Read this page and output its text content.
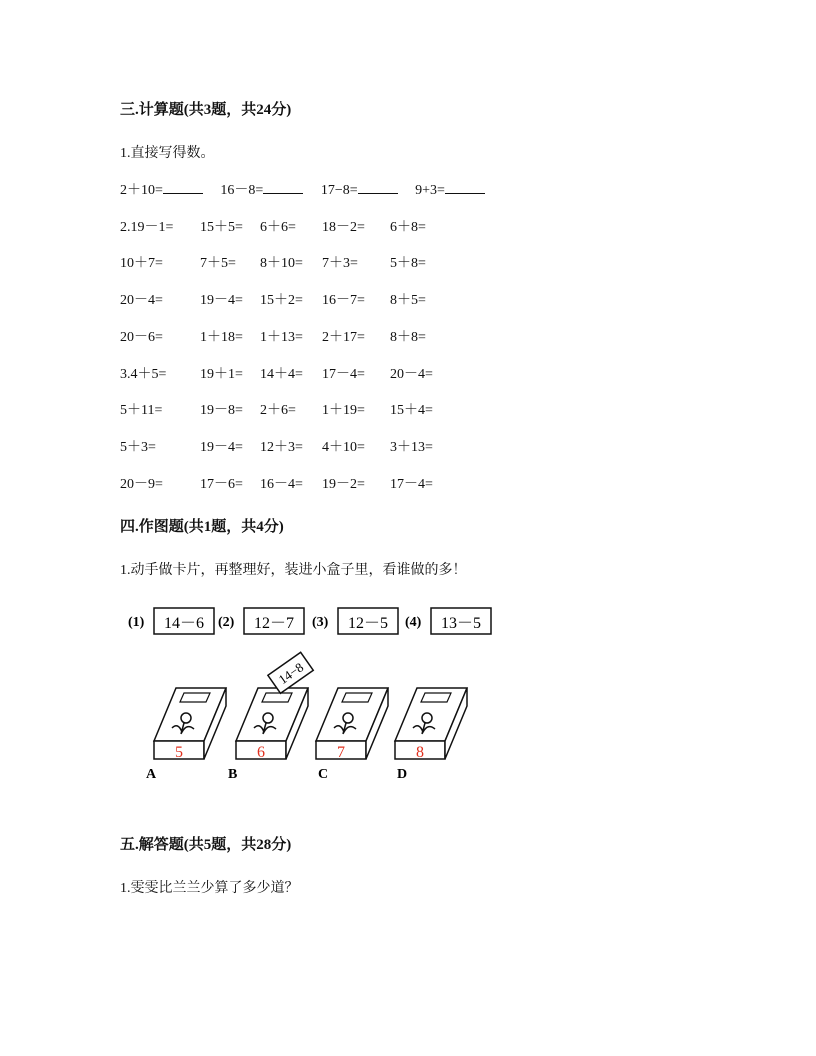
三.计算题(共3题，共24分)
1.直接写得数。
2＋10=	16－8=	17−8=	9+3=
2.19－1= 15＋5= 6＋6= 18－2= 6＋8=
10＋7=	7＋5= 8＋10= 7＋3= 5＋8=
20－4=	19－4= 15＋2= 16－7= 8＋5=
20－6=	1＋18= 1＋13= 2＋17= 8＋8=
3.4＋5= 19＋1= 14＋4= 17－4= 20－4=
5＋11=	19－8= 2＋6= 1＋19= 15＋4=
5＋3=	19－4= 12＋3= 4＋10= 3＋13=
20－9=	17－6= 16－4= 19－2= 17－4=
四.作图题(共1题，共4分)
1.动手做卡片，再整理好，装进小盒子里，看谁做的多！
(1) 14－6 (2) 12－7 (3) 12－5 (4) 13－5
5
A
6
B
7
C
8
D
14−8
五.解答题(共5题，共28分)
1.雯雯比兰兰少算了多少道？
